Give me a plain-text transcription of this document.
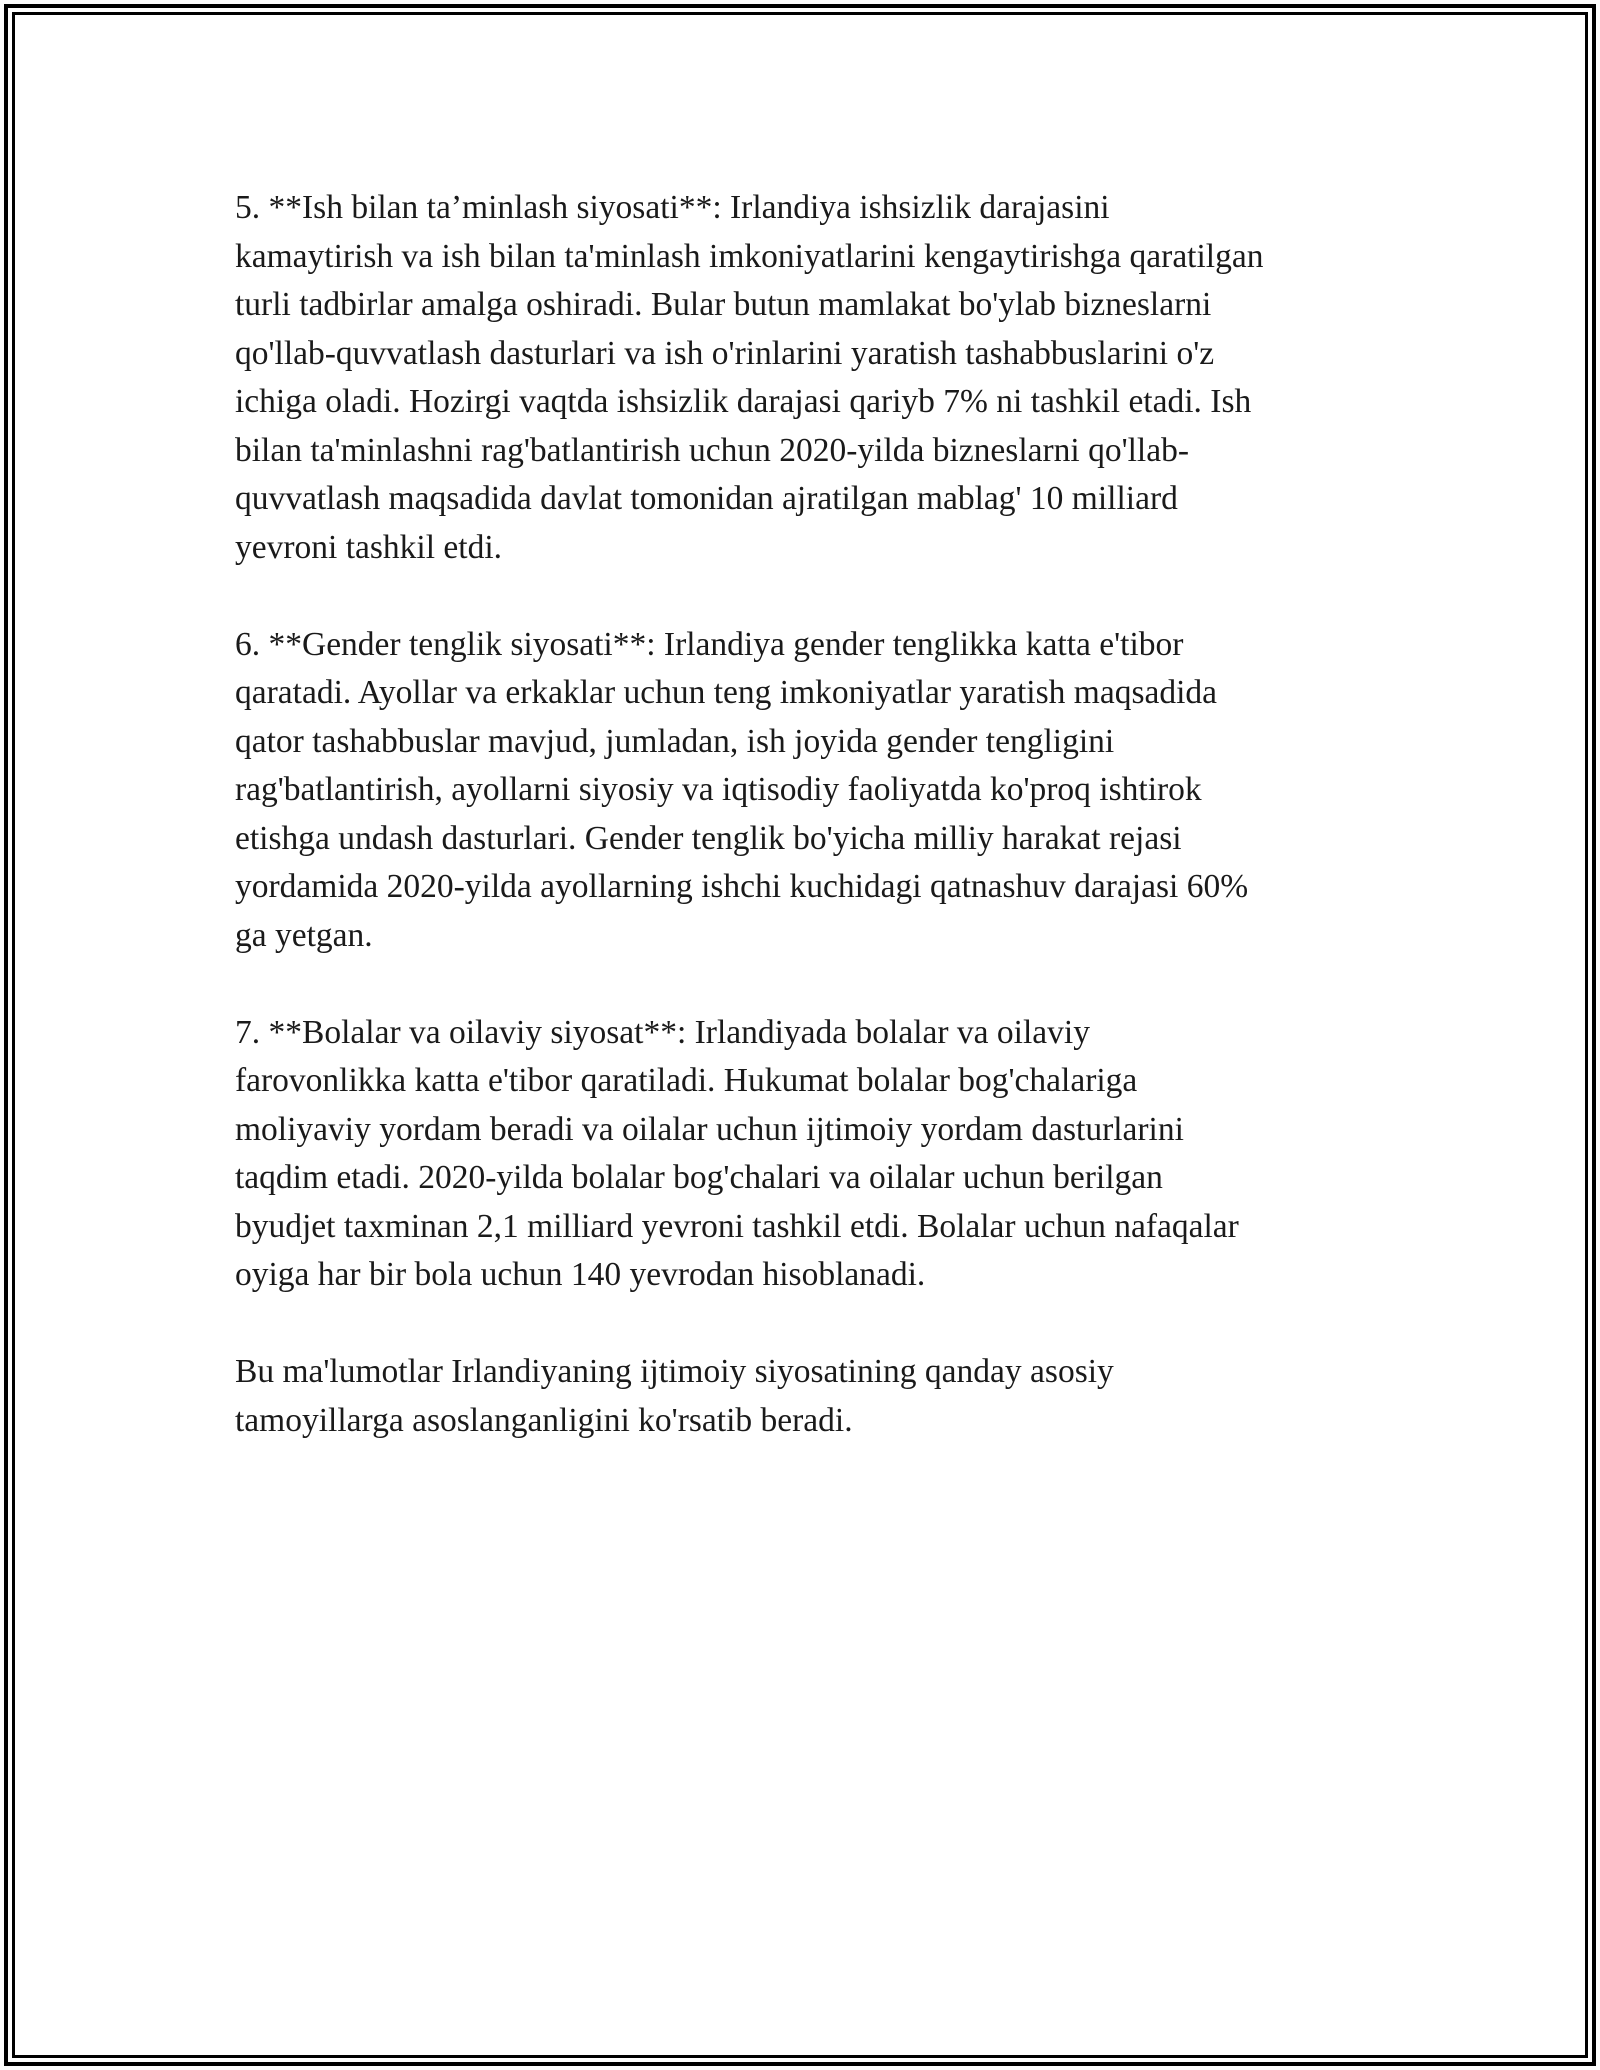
5. **Ish bilan ta’minlash siyosati**: Irlandiya ishsizlik darajasini
kamaytirish va ish bilan ta'minlash imkoniyatlarini kengaytirishga qaratilgan
turli tadbirlar amalga oshiradi. Bular butun mamlakat bo'ylab bizneslarni
qo'llab-quvvatlash dasturlari va ish o'rinlarini yaratish tashabbuslarini o'z
ichiga oladi. Hozirgi vaqtda ishsizlik darajasi qariyb 7% ni tashkil etadi. Ish
bilan ta'minlashni rag'batlantirish uchun 2020-yilda bizneslarni qo'llab-
quvvatlash maqsadida davlat tomonidan ajratilgan mablag' 10 milliard
yevroni tashkil etdi.

6. **Gender tenglik siyosati**: Irlandiya gender tenglikka katta e'tibor
qaratadi. Ayollar va erkaklar uchun teng imkoniyatlar yaratish maqsadida
qator tashabbuslar mavjud, jumladan, ish joyida gender tengligini
rag'batlantirish, ayollarni siyosiy va iqtisodiy faoliyatda ko'proq ishtirok
etishga undash dasturlari. Gender tenglik bo'yicha milliy harakat rejasi
yordamida 2020-yilda ayollarning ishchi kuchidagi qatnashuv darajasi 60%
ga yetgan.

7. **Bolalar va oilaviy siyosat**: Irlandiyada bolalar va oilaviy
farovonlikka katta e'tibor qaratiladi. Hukumat bolalar bog'chalariga
moliyaviy yordam beradi va oilalar uchun ijtimoiy yordam dasturlarini
taqdim etadi. 2020-yilda bolalar bog'chalari va oilalar uchun berilgan
byudjet taxminan 2,1 milliard yevroni tashkil etdi. Bolalar uchun nafaqalar
oyiga har bir bola uchun 140 yevrodan hisoblanadi.

Bu ma'lumotlar Irlandiyaning ijtimoiy siyosatining qanday asosiy
tamoyillarga asoslanganligini ko'rsatib beradi.
